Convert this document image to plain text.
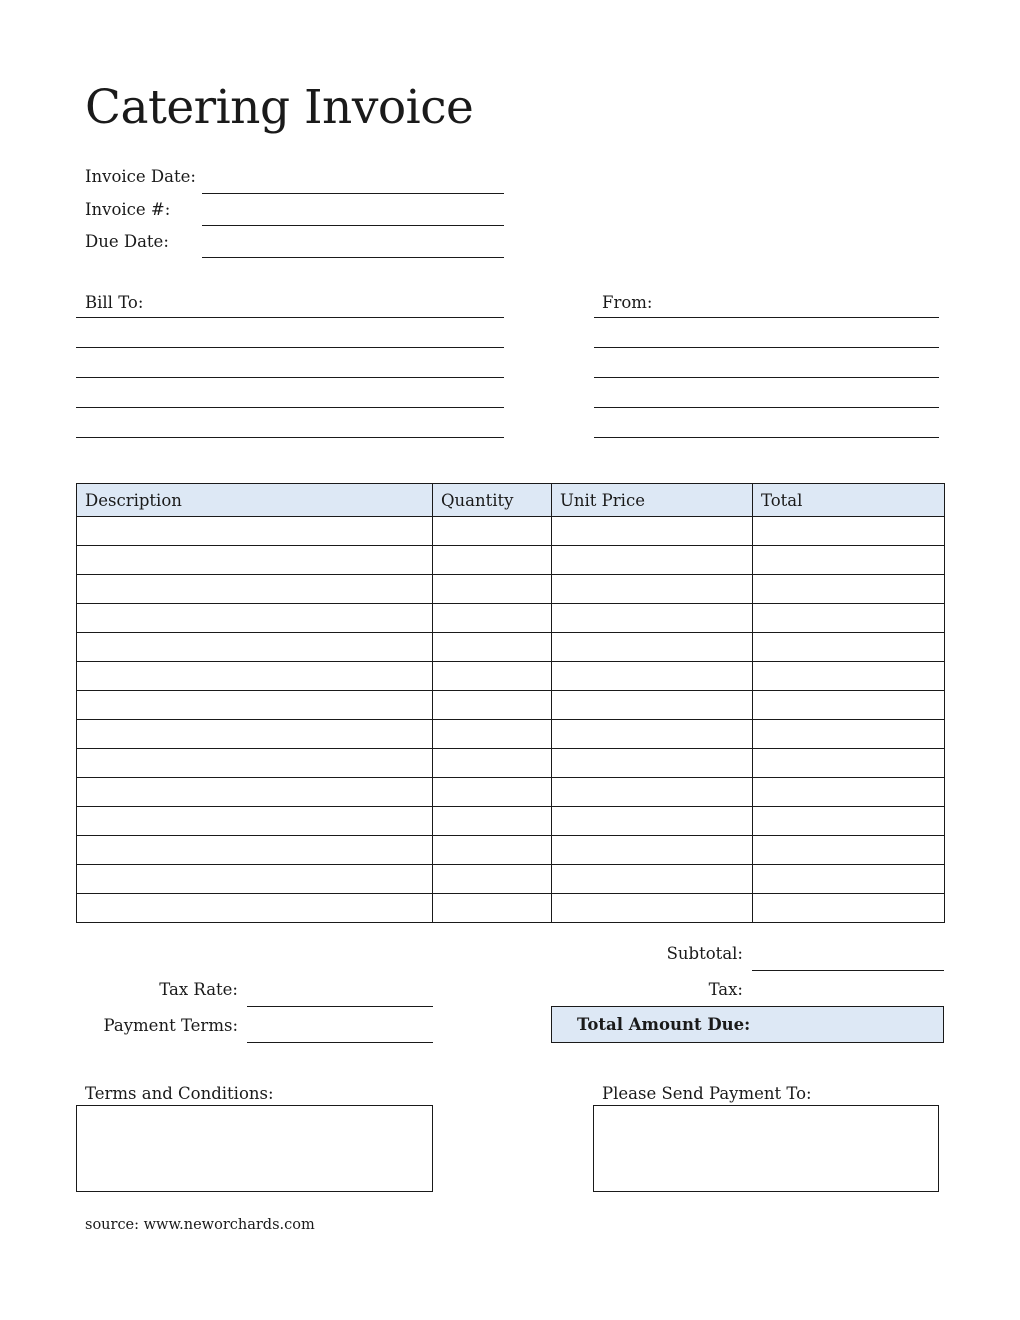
Catering Invoice
Invoice Date:
Invoice #:
Due Date:
Bill To:	From:
Description	Quantity	Unit Price	Total

Subtotal:
Tax Rate:	Tax:
Payment Terms:	Total Amount Due:
Terms and Conditions:	Please Send Payment To:
source: www.neworchards.com
